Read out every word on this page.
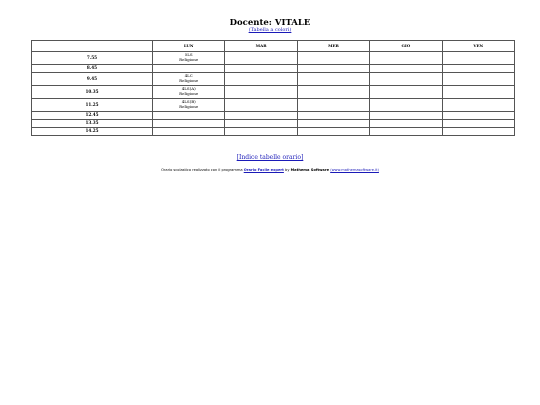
Docente: VITALE
(Tabella a colori)
	LUN	MAR	MER	GIO	VEN
7.55	5LS
Religione				

8.45					
9.45	4LC
Religione				

10.35	4LS(A)
Religione				

11.25	4LS(B)
Religione				

12.45					
13.35					
14.25					
[Indice tabelle orario]
Orario scolastico realizzato con il programma Orario Facile expert by Mathema Software (www.mathemasoftware.it)
